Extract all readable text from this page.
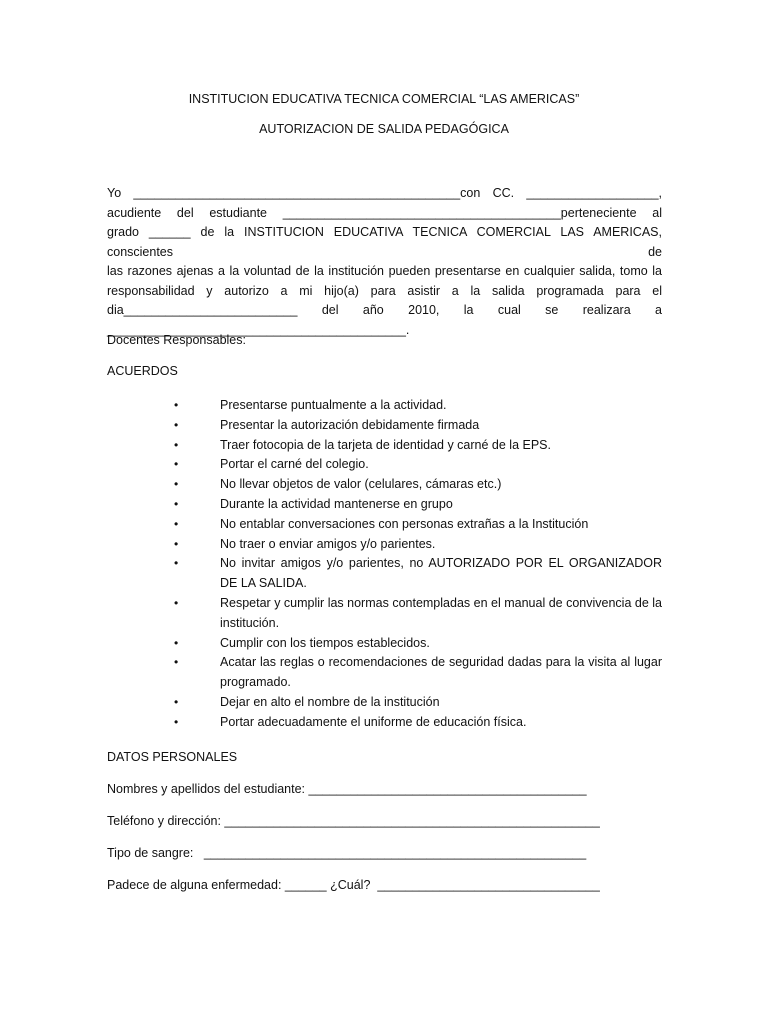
INSTITUCION EDUCATIVA TECNICA COMERCIAL “LAS AMERICAS”
AUTORIZACION DE SALIDA PEDAGÓGICA
Yo _______________________________________________con CC. ___________________,
acudiente del estudiante ________________________________________perteneciente al
grado ______ de la INSTITUCION EDUCATIVA TECNICA COMERCIAL LAS AMERICAS, conscientes de
las razones ajenas a la voluntad de la institución pueden presentarse en cualquier salida, tomo la
responsabilidad y autorizo a mi hijo(a) para asistir a la salida programada para el
dia_________________________ del año 2010, la cual se realizara a
___________________________________________.
Docentes Responsables:
ACUERDOS
•	Presentarse puntualmente a la actividad.
•	Presentar la autorización debidamente firmada
•	Traer fotocopia de la tarjeta de identidad y carné de la EPS.
•	Portar el carné del colegio.
•	No llevar objetos de valor (celulares, cámaras etc.)
•	Durante la actividad mantenerse en grupo
•	No entablar conversaciones con personas extrañas a la Institución
•	No traer o enviar amigos y/o parientes.
•	No invitar amigos y/o parientes, no AUTORIZADO POR EL ORGANIZADOR DE LA SALIDA.
•	Respetar y cumplir las normas contempladas en el manual de convivencia de la institución.
•	Cumplir con los tiempos establecidos.
•	Acatar las reglas o recomendaciones de seguridad dadas para la visita al lugar programado.
•	Dejar en alto el nombre de la institución
•	Portar adecuadamente el uniforme de educación física.
DATOS PERSONALES
Nombres y apellidos del estudiante: ________________________________________
Teléfono y dirección: ______________________________________________________
Tipo de sangre:   _______________________________________________________
Padece de alguna enfermedad: ______ ¿Cuál?  ________________________________
